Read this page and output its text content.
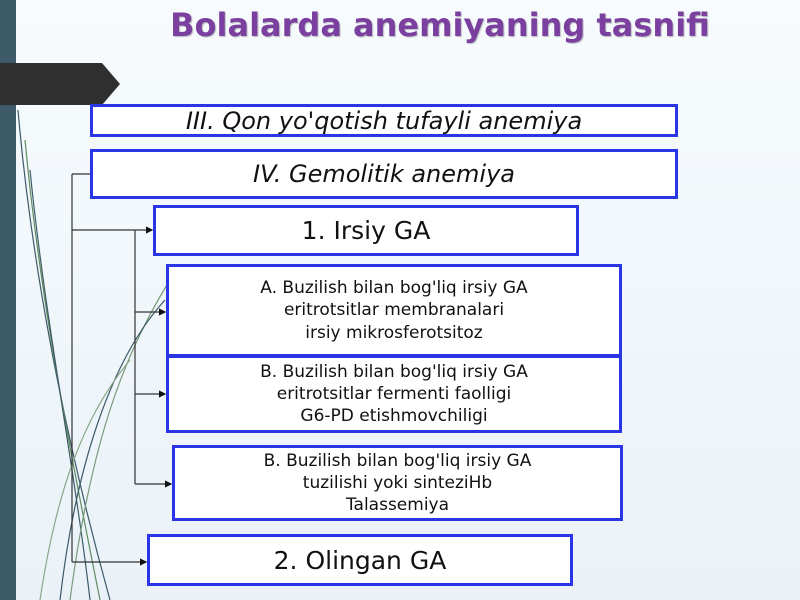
Bolalarda anemiyaning tasnifi
III. Qon yo'qotish tufayli anemiya
IV. Gemolitik anemiya
1. Irsiy GA
A. Buzilish bilan bog'liq irsiy GA
eritrotsitlar membranalari
irsiy mikrosferotsitoz
B. Buzilish bilan bog'liq irsiy GA
eritrotsitlar fermenti faolligi
G6-PD etishmovchiligi
B. Buzilish bilan bog'liq irsiy GA
tuzilishi yoki sinteziHb
Talassemiya
2. Olingan GA
